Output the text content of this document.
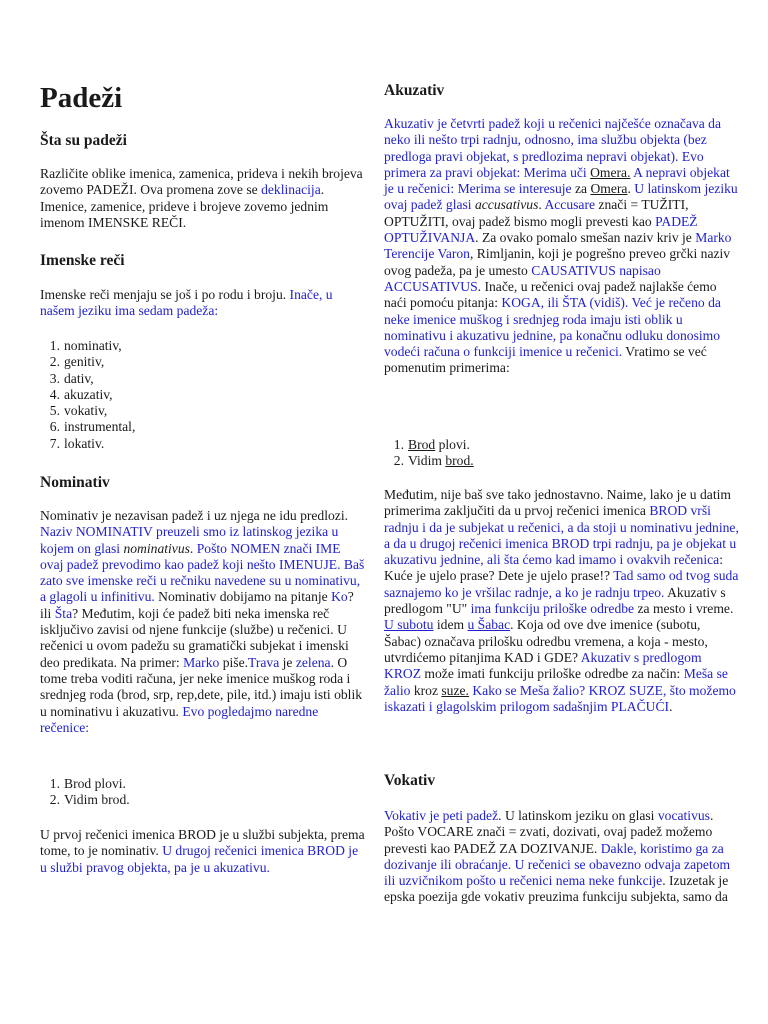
Padeži
Šta su padeži

Različite oblike imenica, zamenica, prideva i nekih brojeva zovemo PADEŽI. Ova promena zove se deklinacija. Imenice, zamenice, prideve i brojeve zovemo jednim imenom IMENSKE REČI.

Imenske reči

Imenske reči menjaju se još i po rodu i broju. Inače, u našem jeziku ima sedam padeža:

1. nominativ,
2. genitiv,
3. dativ,
4. akuzativ,
5. vokativ,
6. instrumental,
7. lokativ.
Nominativ

Nominativ je nezavisan padež i uz njega ne idu predlozi. Naziv NOMINATIV preuzeli smo iz latinskog jezika u kojem on glasi nominativus. Pošto NOMEN znači IME ovaj padež prevodimo kao padež koji nešto IMENUJE. Baš zato sve imenske reči u rečniku navedene su u nominativu, a glagoli u infinitivu. Nominativ dobijamo na pitanje Ko? ili Šta? Međutim, koji će padež biti neka imenska reč isključivo zavisi od njene funkcije (službe) u rečenici. U rečenici u ovom padežu su gramatički subjekat i imenski deo predikata. Na primer: Marko piše.Trava je zelena. O tome treba voditi računa, jer neke imenice muškog roda i srednjeg roda (brod, srp, rep,dete, pile, itd.) imaju isti oblik u nominativu i akuzativu. Evo pogledajmo naredne rečenice:

1. Brod plovi.
2. Vidim brod.

U prvoj rečenici imenica BROD je u službi subjekta, prema tome, to je nominativ. U drugoj rečenici imenica BROD je u službi pravog objekta, pa je u akuzativu.

Akuzativ

Akuzativ je četvrti padež koji u rečenici najčešće označava da neko ili nešto trpi radnju, odnosno, ima službu objekta (bez predloga pravi objekat, s predlozima nepravi objekat). Evo primera za pravi objekat: Merima uči Omera. A nepravi objekat je u rečenici: Merima se interesuje za Omera. U latinskom jeziku ovaj padež glasi accusativus. Accusare znači = TUŽITI, OPTUŽITI, ovaj padež bismo mogli prevesti kao PADEŽ OPTUŽIVANJA. Za ovako pomalo smešan naziv kriv je Marko Terencije Varon, Rimljanin, koji je pogrešno preveo grčki naziv ovog padeža, pa je umesto CAUSATIVUS napisao ACCUSATIVUS. Inače, u rečenici ovaj padež najlakše ćemo naći pomoću pitanja: KOGA, ili ŠTA (vidiš). Već je rečeno da neke imenice muškog i srednjeg roda imaju isti oblik u nominativu i akuzativu jednine, pa konačnu odluku donosimo vodeći računa o funkciji imenice u rečenici. Vratimo se već pomenutim primerima:

1. Brod plovi.
2. Vidim brod.

Međutim, nije baš sve tako jednostavno. Naime, lako je u datim primerima zaključiti da u prvoj rečenici imenica BROD vrši radnju i da je subjekat u rečenici, a da stoji u nominativu jednine, a da u drugoj rečenici imenica BROD trpi radnju, pa je objekat u akuzativu jednine, ali šta ćemo kad imamo i ovakvih rečenica: Kuće je ujelo prase? Dete je ujelo prase!? Tad samo od tvog suda saznajemo ko je vršilac radnje, a ko je radnju trpeo. Akuzativ s predlogom "U" ima funkciju priloške odredbe za mesto i vreme. U subotu idem u Šabac. Koja od ove dve imenice (subotu, Šabac) označava prilošku odredbu vremena, a koja - mesto, utvrdićemo pitanjima KAD i GDE? Akuzativ s predlogom KROZ može imati funkciju priloške odredbe za način: Meša se žalio kroz suze. Kako se Meša žalio? KROZ SUZE, što možemo iskazati i glagolskim prilogom sadašnjim PLAČUĆI.

Vokativ

Vokativ je peti padež. U latinskom jeziku on glasi vocativus. Pošto VOCARE znači = zvati, dozivati, ovaj padež možemo prevesti kao PADEŽ ZA DOZIVANJE. Dakle, koristimo ga za dozivanje ili obraćanje. U rečenici se obavezno odvaja zapetom ili uzvičnikom pošto u rečenici nema neke funkcije. Izuzetak je epska poezija gde vokativ preuzima funkciju subjekta, samo da
